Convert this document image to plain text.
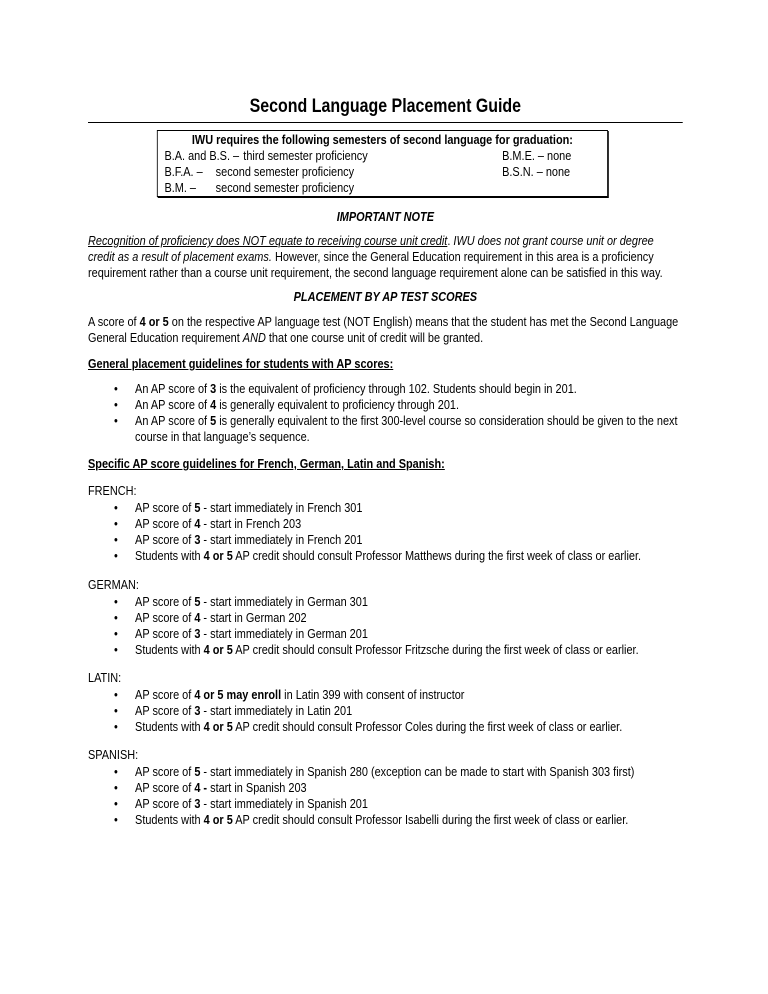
Second Language Placement Guide
IWU requires the following semesters of second language for graduation:
B.A. and B.S. – third semester proficiency	B.M.E. – none
B.F.A. – second semester proficiency	B.S.N. – none
B.M. – second semester proficiency
IMPORTANT NOTE
Recognition of proficiency does NOT equate to receiving course unit credit. IWU does not grant course unit or degree credit as a result of placement exams. However, since the General Education requirement in this area is a proficiency requirement rather than a course unit requirement, the second language requirement alone can be satisfied in this way.
PLACEMENT BY AP TEST SCORES
A score of 4 or 5 on the respective AP language test (NOT English) means that the student has met the Second Language General Education requirement AND that one course unit of credit will be granted.
General placement guidelines for students with AP scores:
• An AP score of 3 is the equivalent of proficiency through 102. Students should begin in 201.
• An AP score of 4 is generally equivalent to proficiency through 201.
• An AP score of 5 is generally equivalent to the first 300-level course so consideration should be given to the next course in that language’s sequence.
Specific AP score guidelines for French, German, Latin and Spanish:
FRENCH:
• AP score of 5 - start immediately in French 301
• AP score of 4 - start in French 203
• AP score of 3 - start immediately in French 201
• Students with 4 or 5 AP credit should consult Professor Matthews during the first week of class or earlier.
GERMAN:
• AP score of 5 - start immediately in German 301
• AP score of 4 - start in German 202
• AP score of 3 - start immediately in German 201
• Students with 4 or 5 AP credit should consult Professor Fritzsche during the first week of class or earlier.
LATIN:
• AP score of 4 or 5 may enroll in Latin 399 with consent of instructor
• AP score of 3 - start immediately in Latin 201
• Students with 4 or 5 AP credit should consult Professor Coles during the first week of class or earlier.
SPANISH:
• AP score of 5 - start immediately in Spanish 280 (exception can be made to start with Spanish 303 first)
• AP score of 4 - start in Spanish 203
• AP score of 3 - start immediately in Spanish 201
• Students with 4 or 5 AP credit should consult Professor Isabelli during the first week of class or earlier.
